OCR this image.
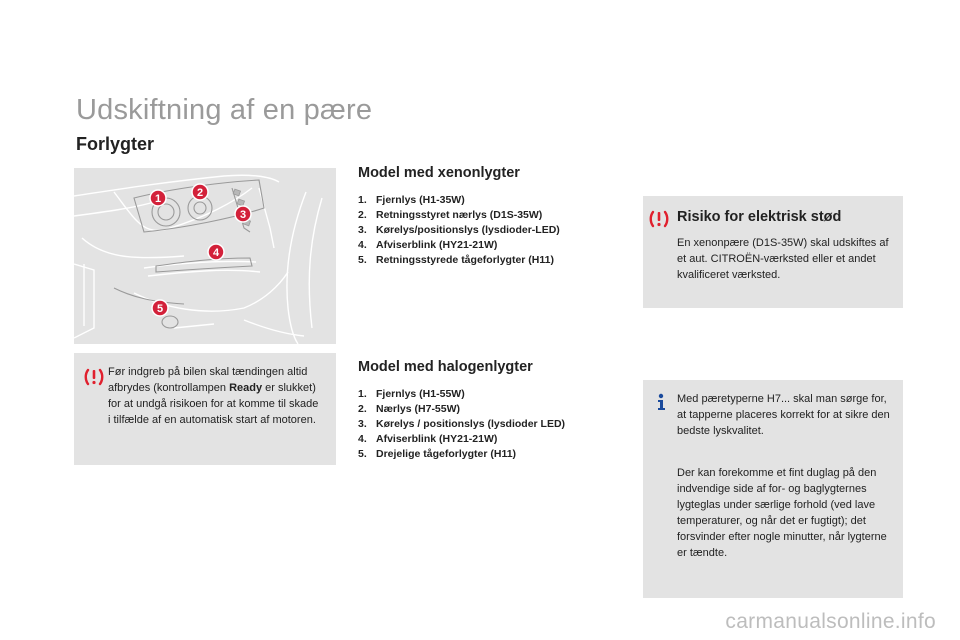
Udskiftning af en pære
Forlygter
1	2
3
4
5
Model med xenonlygter
1. Fjernlys (H1-35W)
2. Retningsstyret nærlys (D1S-35W)
3. Kørelys/positionslys (lysdioder-LED)
4. Afviserblink (HY21-21W)
5. Retningsstyrede tågeforlygter (H11)
Model med halogenlygter
1. Fjernlys (H1-55W)
2. Nærlys (H7-55W)
3. Kørelys / positionslys (lysdioder LED)
4. Afviserblink (HY21-21W)
5. Drejelige tågeforlygter (H11)
Før indgreb på bilen skal tændingen altid afbrydes (kontrollampen Ready er slukket) for at undgå risikoen for at komme til skade i tilfælde af en automatisk start af motoren.
Risiko for elektrisk stød
En xenonpære (D1S-35W) skal udskiftes af et aut. CITROËN-værksted eller et andet kvalificeret værksted.
Med pæretyperne H7... skal man sørge for, at tapperne placeres korrekt for at sikre den bedste lyskvalitet.
Der kan forekomme et fint duglag på den indvendige side af for- og baglygternes lygteglas under særlige forhold (ved lave temperaturer, og når det er fugtigt); det forsvinder efter nogle minutter, når lygterne er tændte.
carmanualsonline.info
